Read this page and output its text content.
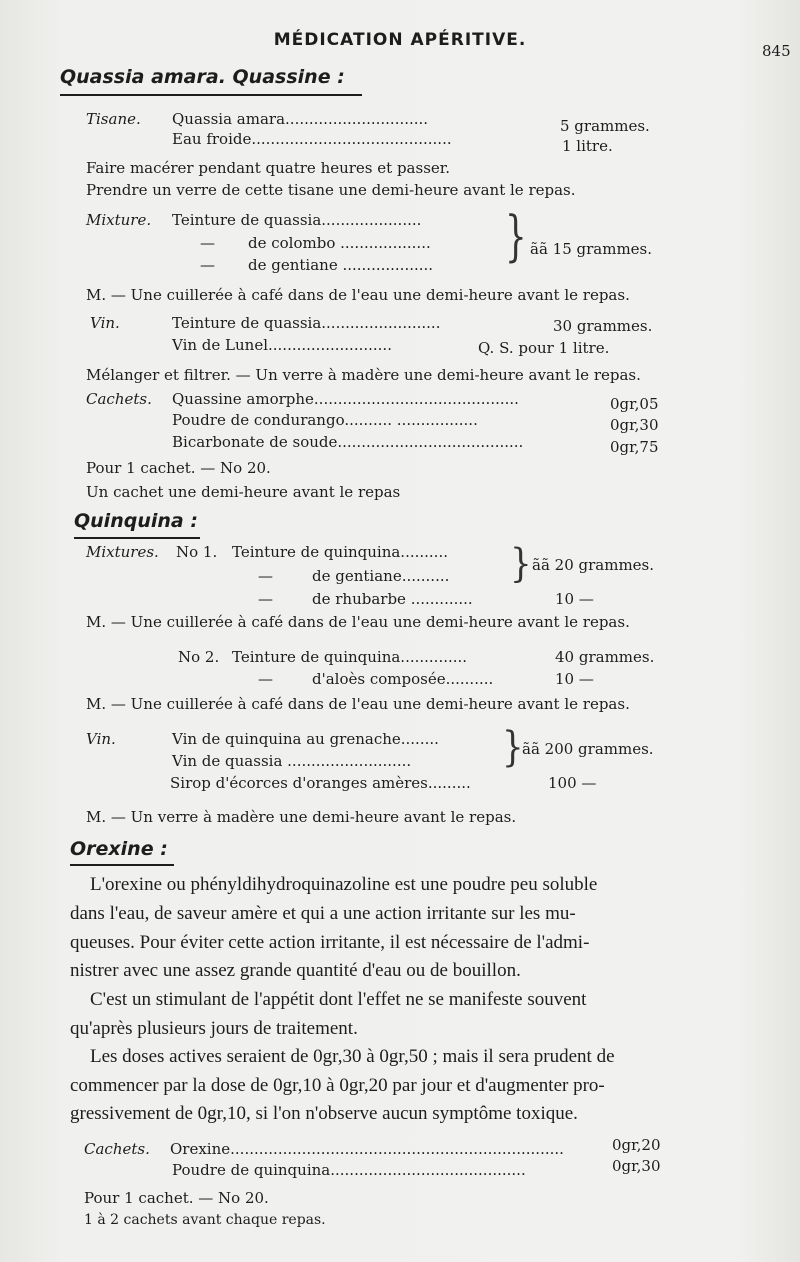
MÉDICATION APÉRITIVE.
845
Quassia amara. Quassine :
Tisane. Quassia amara..............................	5 grammes.
Eau froide..........................................	1 litre.
Faire macérer pendant quatre heures et passer.
Prendre un verre de cette tisane une demi-heure avant le repas.
Mixture. Teinture de quassia.....................
— de colombo ...................
— de gentiane ................... } ãã 15 grammes.
M. — Une cuillerée à café dans de l'eau une demi-heure avant le repas.
Vin.	Teinture de quassia.........................	30 grammes.
Vin de Lunel..........................	Q. S. pour 1 litre.
Mélanger et filtrer. — Un verre à madère une demi-heure avant le repas.
Cachets. Quassine amorphe...........................................	0gr,05
Poudre de condurango.......... .................	0gr,30
Bicarbonate de soude.......................................	0gr,75
Pour 1 cachet. — No 20.
Un cachet une demi-heure avant le repas
Quinquina :
Mixtures. No 1. Teinture de quinquina..........
—	de gentiane..........
—	de rhubarbe .............	10 —
} ãã 20 grammes.
M. — Une cuillerée à café dans de l'eau une demi-heure avant le repas.
No 2. Teinture de quinquina..............	40 grammes.
—	d'aloès composée..........	10 —
M. — Une cuillerée à café dans de l'eau une demi-heure avant le repas.
Vin.	Vin de quinquina au grenache........
Vin de quassia ..........................	}
ãã 200 grammes.
Sirop d'écorces d'oranges amères.........	100 —
M. — Un verre à madère une demi-heure avant le repas.
Orexine :
L'orexine ou phényldihydroquinazoline est une poudre peu soluble
dans l'eau, de saveur amère et qui a une action irritante sur les mu-
queuses. Pour éviter cette action irritante, il est nécessaire de l'admi-
nistrer avec une assez grande quantité d'eau ou de bouillon.
C'est un stimulant de l'appétit dont l'effet ne se manifeste souvent
qu'après plusieurs jours de traitement.
Les doses actives seraient de 0gr,30 à 0gr,50 ; mais il sera prudent de
commencer par la dose de 0gr,10 à 0gr,20 par jour et d'augmenter pro-
gressivement de 0gr,10, si l'on n'observe aucun symptôme toxique.
Cachets. Orexine......................................................................	0gr,20
Poudre de quinquina.........................................	0gr,30
Pour 1 cachet. — No 20.
1 à 2 cachets avant chaque repas.
